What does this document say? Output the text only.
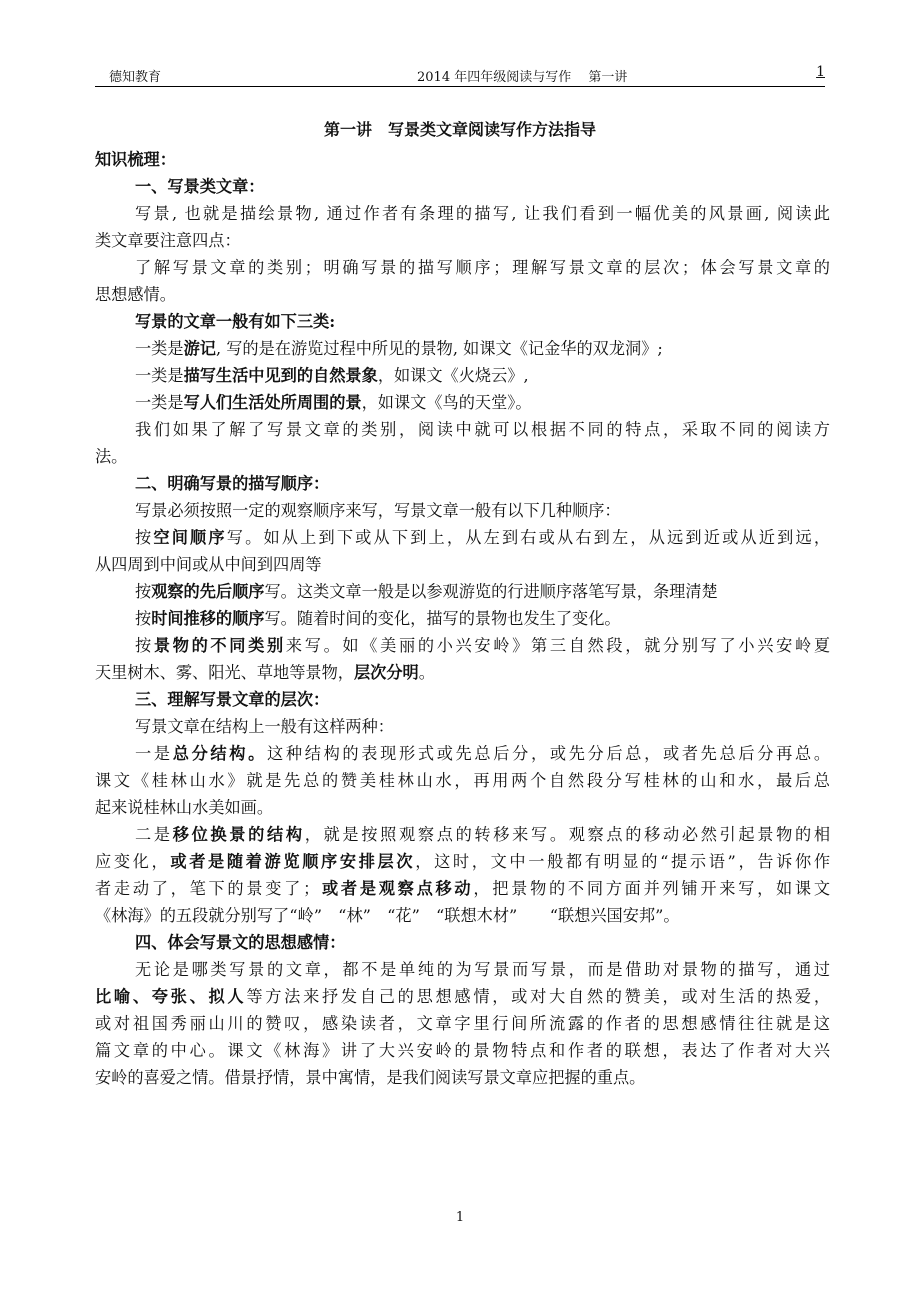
德知教育	2014 年四年级阅读与写作　 第一讲	1
第一讲　写景类文章阅读写作方法指导
知识梳理：
一、写景类文章：
写景, 也就是描绘景物, 通过作者有条理的描写, 让我们看到一幅优美的风景画, 阅读此
类文章要注意四点：
了解写景文章的类别；明确写景的描写顺序；理解写景文章的层次；体会写景文章的
思想感情。
写景的文章一般有如下三类:
一类是游记, 写的是在游览过程中所见的景物, 如课文《记金华的双龙洞》;
一类是描写生活中见到的自然景象，如课文《火烧云》,
一类是写人们生活处所周围的景，如课文《鸟的天堂》。
我们如果了解了写景文章的类别，阅读中就可以根据不同的特点，采取不同的阅读方
法。
二、明确写景的描写顺序：
写景必须按照一定的观察顺序来写，写景文章一般有以下几种顺序：
按空间顺序写。如从上到下或从下到上，从左到右或从右到左，从远到近或从近到远，
从四周到中间或从中间到四周等
按观察的先后顺序写。这类文章一般是以参观游览的行进顺序落笔写景，条理清楚
按时间推移的顺序写。随着时间的变化，描写的景物也发生了变化。
按景物的不同类别来写。如《美丽的小兴安岭》第三自然段，就分别写了小兴安岭夏
天里树木、雾、阳光、草地等景物，层次分明。
三、理解写景文章的层次：
写景文章在结构上一般有这样两种：
一是总分结构。这种结构的表现形式或先总后分，或先分后总，或者先总后分再总。
课文《桂林山水》就是先总的赞美桂林山水，再用两个自然段分写桂林的山和水，最后总
起来说桂林山水美如画。
二是移位换景的结构，就是按照观察点的转移来写。观察点的移动必然引起景物的相
应变化，或者是随着游览顺序安排层次，这时，文中一般都有明显的“提示语”，告诉你作
者走动了，笔下的景变了；或者是观察点移动，把景物的不同方面并列铺开来写，如课文
《林海》的五段就分别写了“岭”　“林”　“花”　“联想木材”　　“联想兴国安邦”。
四、体会写景文的思想感情：
无论是哪类写景的文章，都不是单纯的为写景而写景，而是借助对景物的描写，通过
比喻、夸张、拟人等方法来抒发自己的思想感情，或对大自然的赞美，或对生活的热爱，
或对祖国秀丽山川的赞叹，感染读者，文章字里行间所流露的作者的思想感情往往就是这
篇文章的中心。课文《林海》讲了大兴安岭的景物特点和作者的联想，表达了作者对大兴
安岭的喜爱之情。借景抒情，景中寓情，是我们阅读写景文章应把握的重点。
1
